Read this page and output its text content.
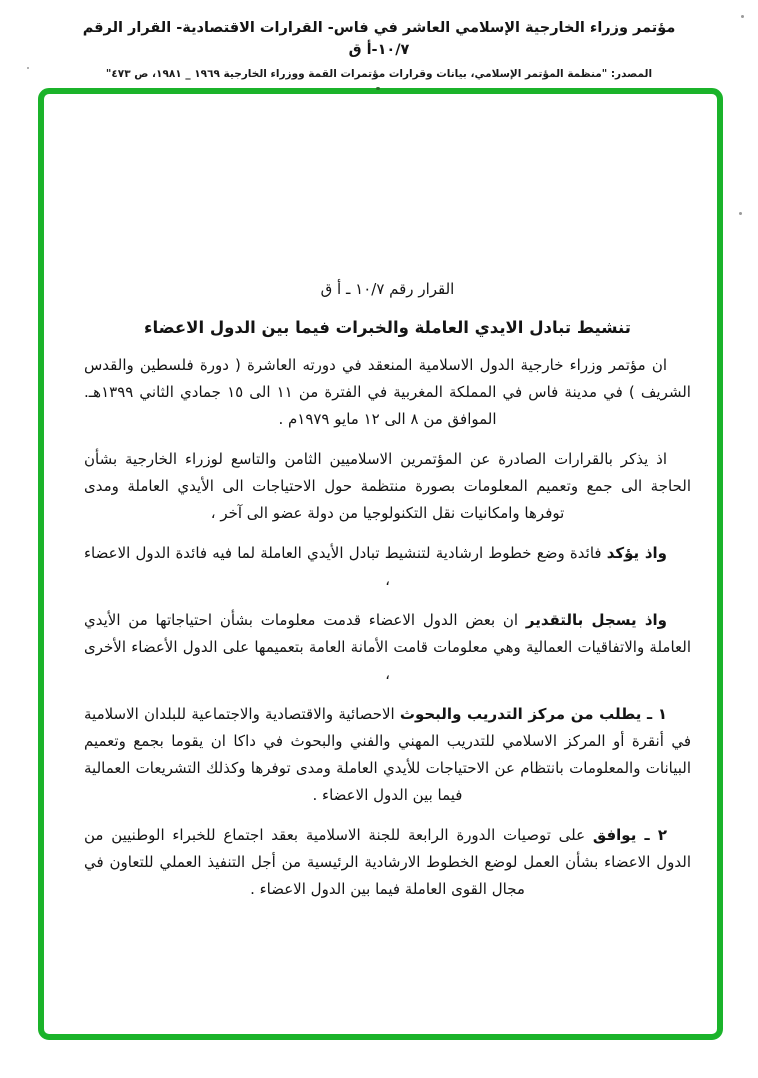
مؤتمر وزراء الخارجية الإسلامي العاشر في فاس- القرارات الاقتصادية- القرار الرقم ١٠/٧-أ ق
المصدر: "منظمة المؤتمر الإسلامي، بيانات وقرارات مؤتمرات القمة ووزراء الخارجية ١٩٦٩ _ ١٩٨١، ص ٤٧٣"
القرار رقم ١٠/٧ ـ أ ق
تنشيط تبادل الايدي العاملة والخبرات فيما بين الدول الاعضاء

ان مؤتمر وزراء خارجية الدول الاسلامية المنعقد في دورته العاشرة ( دورة فلسطين والقدس الشريف ) في مدينة فاس في المملكة المغربية في الفترة من ١١ الى ١٥ جمادي الثاني ١٣٩٩هـ. الموافق من ٨ الى ١٢ مايو ١٩٧٩م .

اذ يذكر بالقرارات الصادرة عن المؤتمرين الاسلاميين الثامن والتاسع لوزراء الخارجية بشأن الحاجة الى جمع وتعميم المعلومات بصورة منتظمة حول الاحتياجات الى الأيدي العاملة ومدى توفرها وامكانيات نقل التكنولوجيا من دولة عضو الى آخر ،

واذ يؤكد فائدة وضع خطوط ارشادية لتنشيط تبادل الأيدي العاملة لما فيه فائدة الدول الاعضاء ،

واذ يسجل بالتقدير ان بعض الدول الاعضاء قدمت معلومات بشأن احتياجاتها من الأيدي العاملة والاتفاقيات العمالية وهي معلومات قامت الأمانة العامة بتعميمها على الدول الأعضاء الأخرى ،

١ ـ يطلب من مركز التدريب والبحوث الاحصائية والاقتصادية والاجتماعية للبلدان الاسلامية في أنقرة أو المركز الاسلامي للتدريب المهني والفني والبحوث في داكا ان يقوما بجمع وتعميم البيانات والمعلومات بانتظام عن الاحتياجات للأيدي العاملة ومدى توفرها وكذلك التشريعات العمالية فيما بين الدول الاعضاء .

٢ ـ يوافق على توصيات الدورة الرابعة للجنة الاسلامية بعقد اجتماع للخبراء الوطنيين من الدول الاعضاء بشأن العمل لوضع الخطوط الارشادية الرئيسية من أجل التنفيذ العملي للتعاون في مجال القوى العاملة فيما بين الدول الاعضاء .
